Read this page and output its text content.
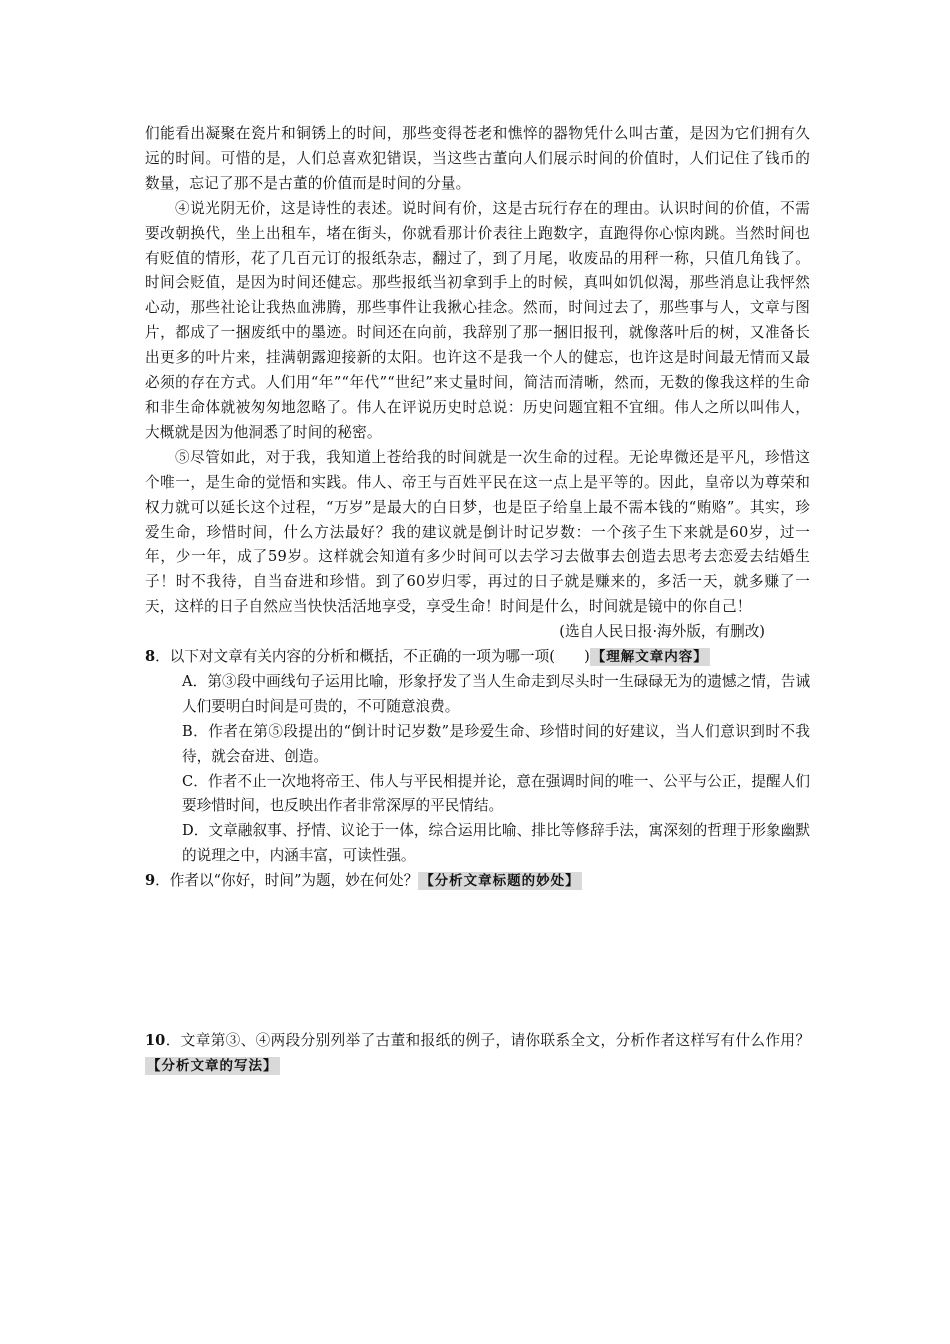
们能看出凝聚在瓷片和铜锈上的时间，那些变得苍老和憔悴的器物凭什么叫古董，是因为它们拥有久远的时间。可惜的是，人们总喜欢犯错误，当这些古董向人们展示时间的价值时，人们记住了钱币的数量，忘记了那不是古董的价值而是时间的分量。

④说光阴无价，这是诗性的表述。说时间有价，这是古玩行存在的理由。认识时间的价值，不需要改朝换代，坐上出租车，堵在街头，你就看那计价表往上跑数字，直跑得你心惊肉跳。当然时间也有贬值的情形，花了几百元订的报纸杂志，翻过了，到了月尾，收废品的用秤一称，只值几角钱了。时间会贬值，是因为时间还健忘。那些报纸当初拿到手上的时候，真叫如饥似渴，那些消息让我怦然心动，那些社论让我热血沸腾，那些事件让我揪心挂念。然而，时间过去了，那些事与人，文章与图片，都成了一捆废纸中的墨迹。时间还在向前，我辞别了那一捆旧报刊，就像落叶后的树，又准备长出更多的叶片来，挂满朝露迎接新的太阳。也许这不是我一个人的健忘，也许这是时间最无情而又最必须的存在方式。人们用“年”“年代”“世纪”来丈量时间，简洁而清晰，然而，无数的像我这样的生命和非生命体就被匆匆地忽略了。伟人在评说历史时总说：历史问题宜粗不宜细。伟人之所以叫伟人，大概就是因为他洞悉了时间的秘密。

⑤尽管如此，对于我，我知道上苍给我的时间就是一次生命的过程。无论卑微还是平凡，珍惜这个唯一，是生命的觉悟和实践。伟人、帝王与百姓平民在这一点上是平等的。因此，皇帝以为尊荣和权力就可以延长这个过程，“万岁”是最大的白日梦，也是臣子给皇上最不需本钱的“贿赂”。其实，珍爱生命，珍惜时间，什么方法最好？我的建议就是倒计时记岁数：一个孩子生下来就是60岁，过一年，少一年，成了59岁。这样就会知道有多少时间可以去学习去做事去创造去思考去恋爱去结婚生子！时不我待，自当奋进和珍惜。到了60岁归零，再过的日子就是赚来的，多活一天，就多赚了一天，这样的日子自然应当快快活活地享受，享受生命！时间是什么，时间就是镜中的你自己！

(选自人民日报·海外版，有删改)

8．以下对文章有关内容的分析和概括，不正确的一项为哪一项(　　) 【理解文章内容】

A．第③段中画线句子运用比喻，形象抒发了当人生命走到尽头时一生碌碌无为的遗憾之情，告诫人们要明白时间是可贵的，不可随意浪费。

B．作者在第⑤段提出的“倒计时记岁数”是珍爱生命、珍惜时间的好建议，当人们意识到时不我待，就会奋进、创造。

C．作者不止一次地将帝王、伟人与平民相提并论，意在强调时间的唯一、公平与公正，提醒人们要珍惜时间，也反映出作者非常深厚的平民情结。

D．文章融叙事、抒情、议论于一体，综合运用比喻、排比等修辞手法，寓深刻的哲理于形象幽默的说理之中，内涵丰富，可读性强。

9．作者以“你好，时间”为题，妙在何处？ 【分析文章标题的妙处】

10．文章第③、④两段分别列举了古董和报纸的例子，请你联系全文，分析作者这样写有什么作用？【分析文章的写法】
